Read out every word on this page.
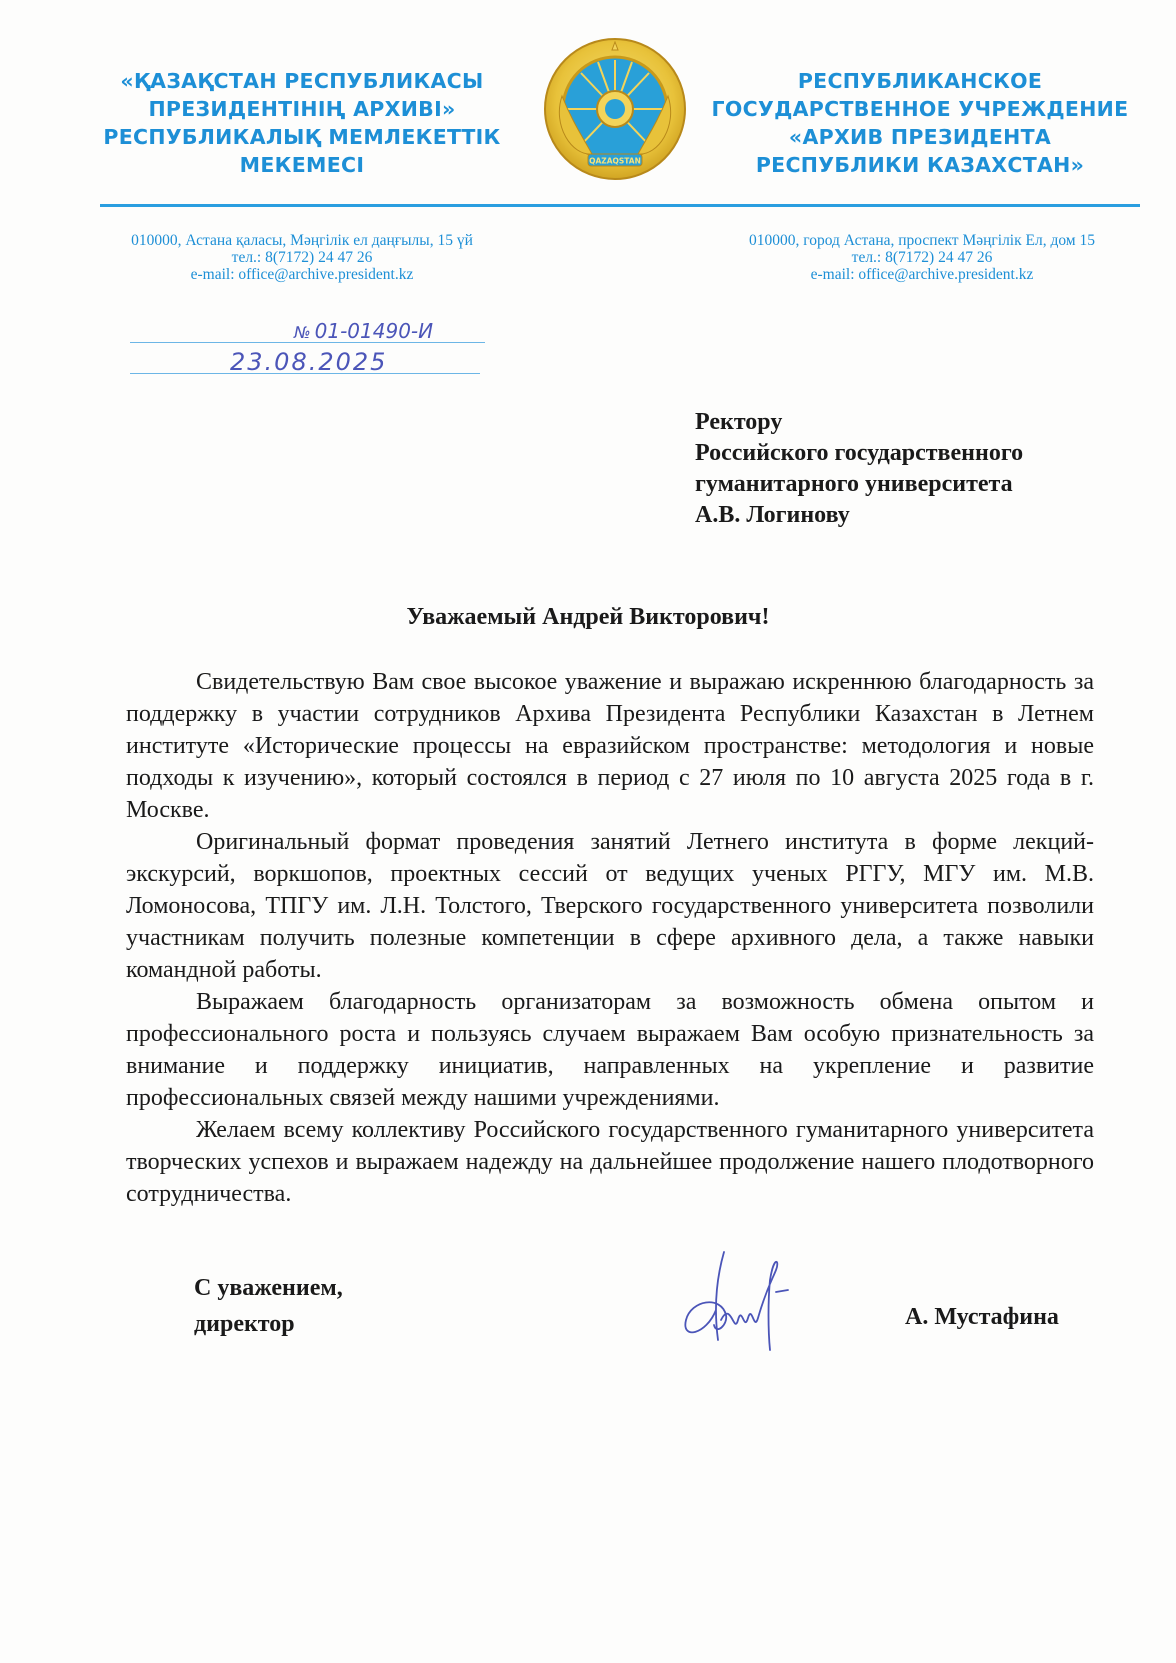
«ҚАЗАҚСТАН РЕСПУБЛИКАСЫ
ПРЕЗИДЕНТІНІҢ АРХИВІ»
РЕСПУБЛИКАЛЫҚ МЕМЛЕКЕТТІК
МЕКЕМЕСІ	QAZAQSTAN
РЕСПУБЛИКАНСКОЕ
ГОСУДАРСТВЕННОЕ УЧРЕЖДЕНИЕ
«АРХИВ ПРЕЗИДЕНТА
РЕСПУБЛИКИ КАЗАХСТАН»
010000, Астана қаласы, Мәңгілік ел даңғылы, 15 үй
тел.: 8(7172) 24 47 26
e-mail: office@archive.president.kz
010000, город Астана, проспект Мәңгілік Ел, дом 15
тел.: 8(7172) 24 47 26
e-mail: office@archive.president.kz
№ 01-01490-И
23.08.2025
Ректору
Российского государственного
гуманитарного университета
А.В. Логинову
Уважаемый Андрей Викторович!

Свидетельствую Вам свое высокое уважение и выражаю искреннюю благодарность за поддержку в участии сотрудников Архива Президента Республики Казахстан в Летнем институте «Исторические процессы на евразийском пространстве: методология и новые подходы к изучению», который состоялся в период с 27 июля по 10 августа 2025 года в г. Москве.

Оригинальный формат проведения занятий Летнего института в форме лекций-экскурсий, воркшопов, проектных сессий от ведущих ученых РГГУ, МГУ им. М.В. Ломоносова, ТПГУ им. Л.Н. Толстого, Тверского государственного университета позволили участникам получить полезные компетенции в сфере архивного дела, а также навыки командной работы.

Выражаем благодарность организаторам за возможность обмена опытом и профессионального роста и пользуясь случаем выражаем Вам особую признательность за внимание и поддержку инициатив, направленных на укрепление и развитие профессиональных связей между нашими учреждениями.

Желаем всему коллективу Российского государственного гуманитарного университета творческих успехов и выражаем надежду на дальнейшее продолжение нашего плодотворного сотрудничества.

С уважением,
директор	А. Мустафина
